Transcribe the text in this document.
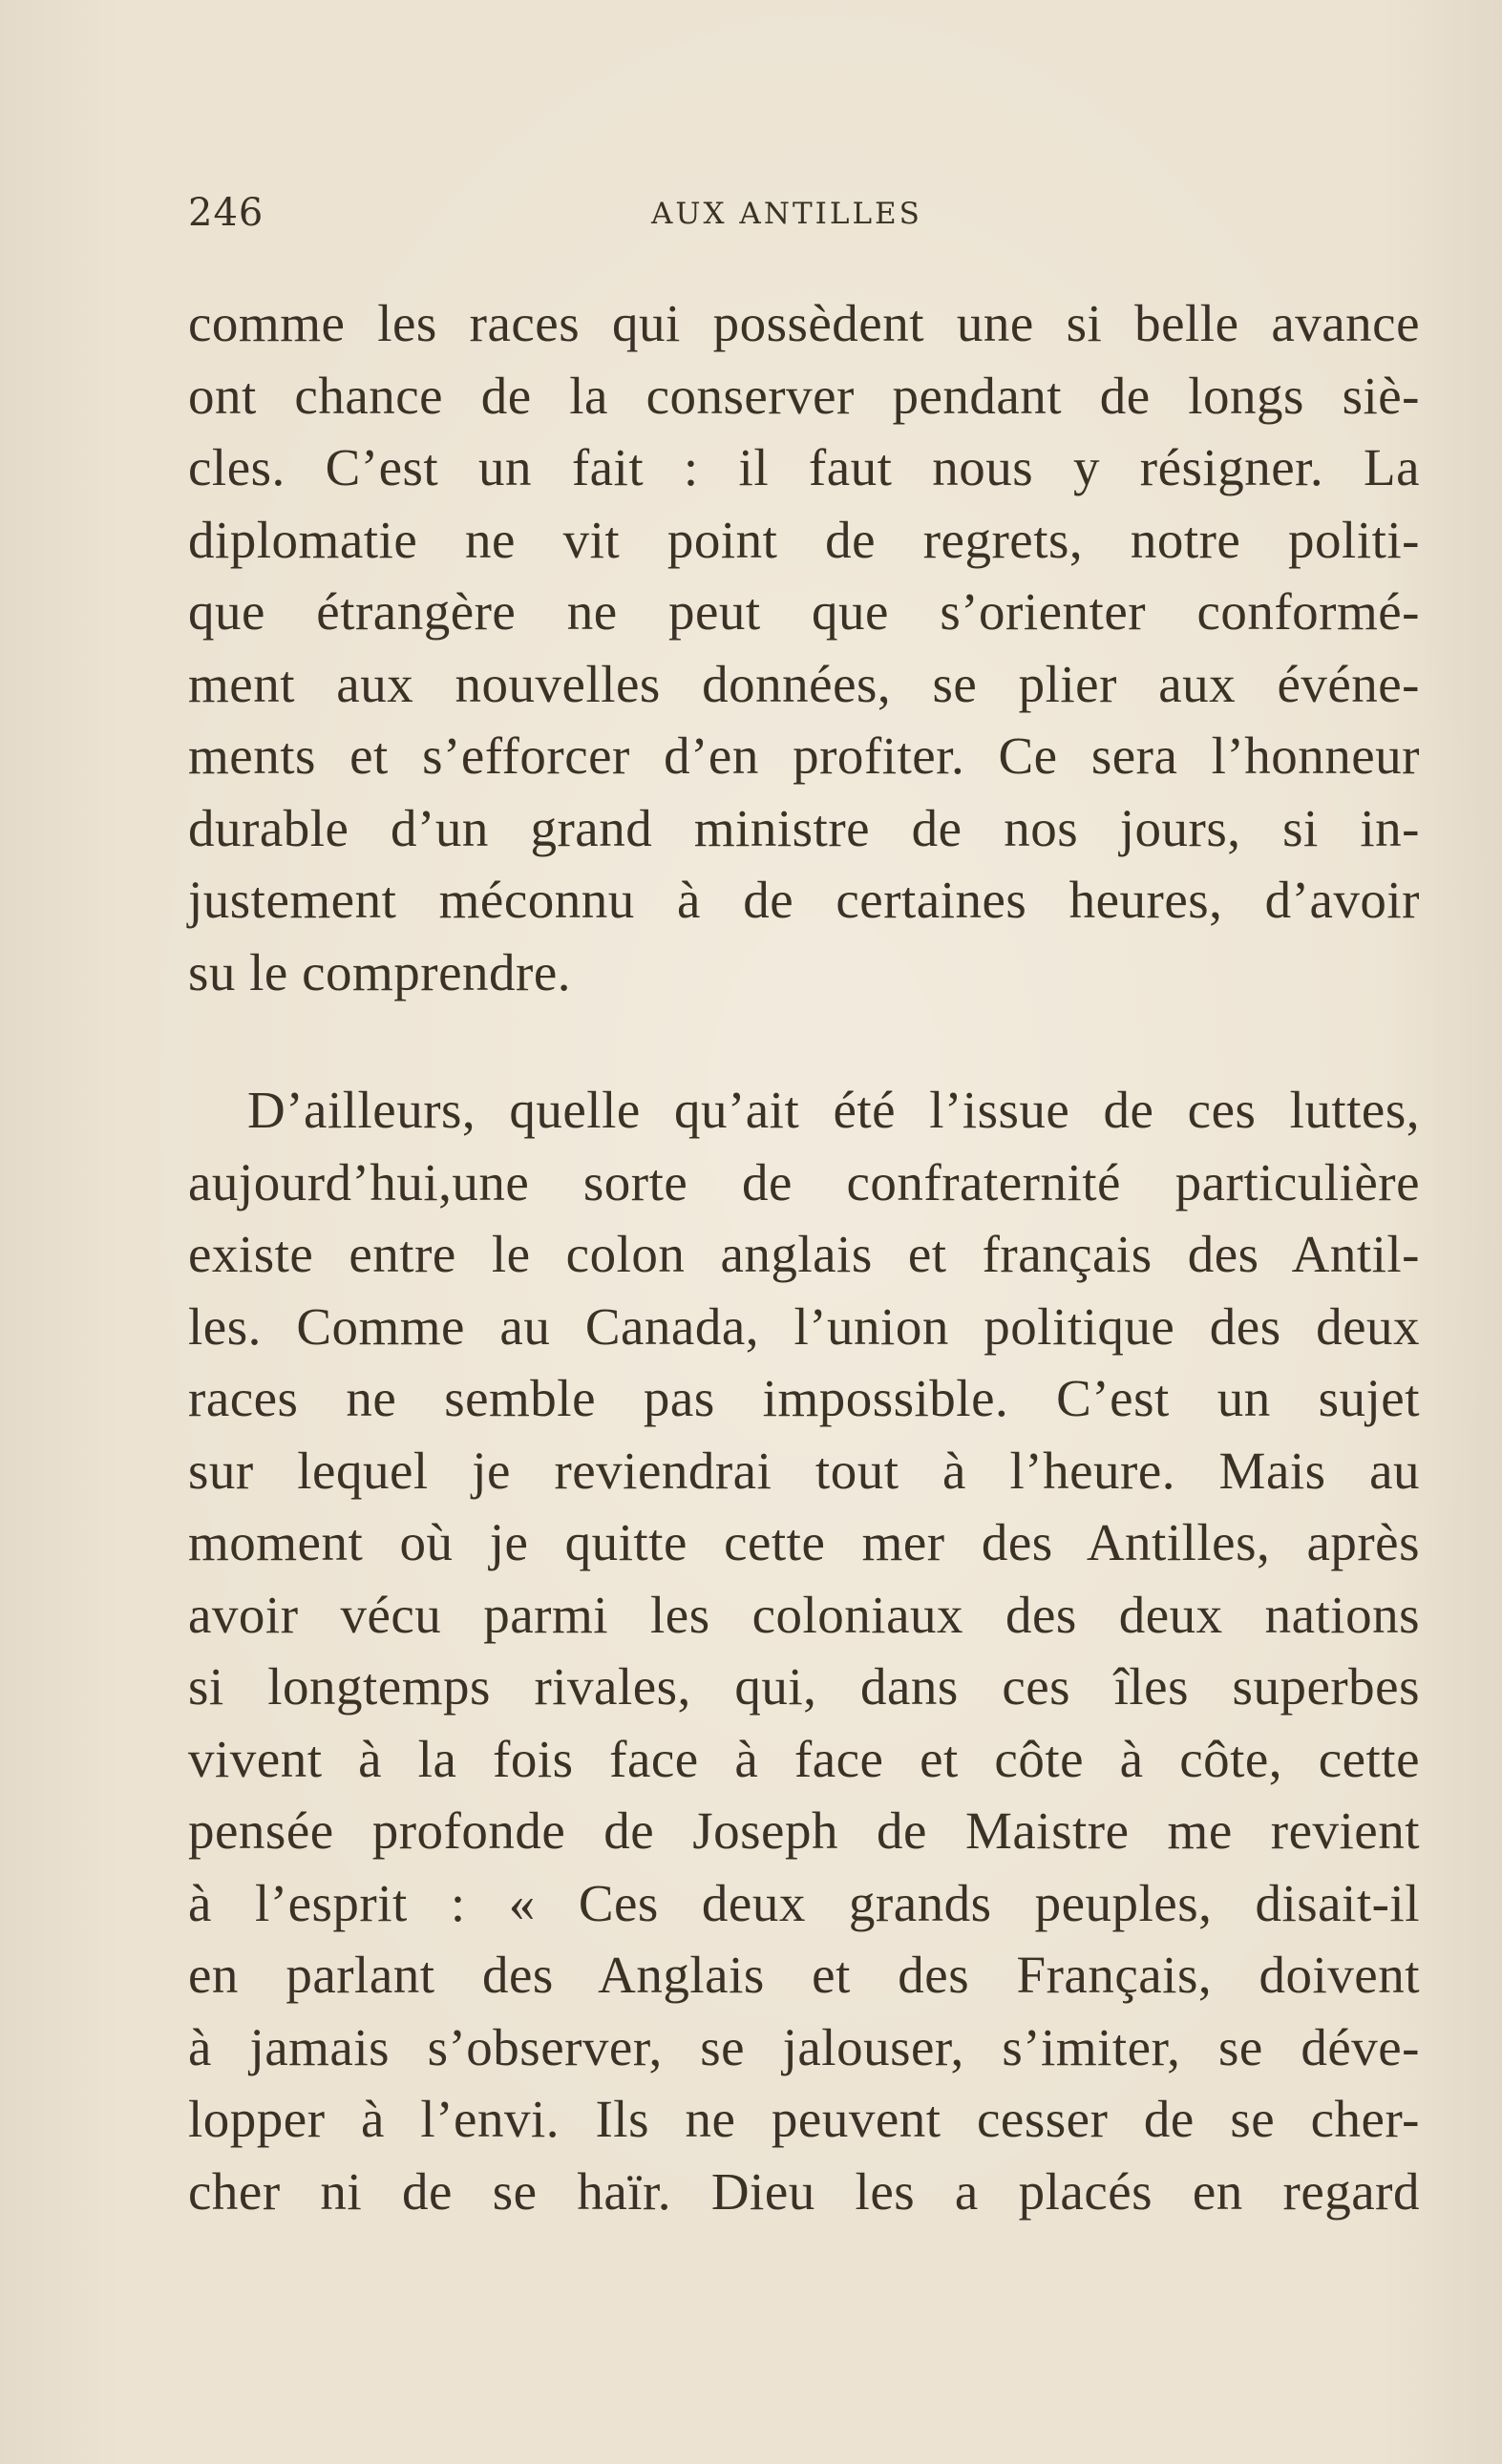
246	AUX ANTILLES
comme les races qui possèdent une si belle avance
ont chance de la conserver pendant de longs siè-
cles. C’est un fait : il faut nous y résigner. La
diplomatie ne vit point de regrets, notre politi-
que étrangère ne peut que s’orienter conformé-
ment aux nouvelles données, se plier aux événe-
ments et s’efforcer d’en profiter. Ce sera l’honneur
durable d’un grand ministre de nos jours, si in-
justement méconnu à de certaines heures, d’avoir
su le comprendre.
D’ailleurs, quelle qu’ait été l’issue de ces luttes,
aujourd’hui,une sorte de confraternité particulière
existe entre le colon anglais et français des Antil-
les. Comme au Canada, l’union politique des deux
races ne semble pas impossible. C’est un sujet
sur lequel je reviendrai tout à l’heure. Mais au
moment où je quitte cette mer des Antilles, après
avoir vécu parmi les coloniaux des deux nations
si longtemps rivales, qui, dans ces îles superbes
vivent à la fois face à face et côte à côte, cette
pensée profonde de Joseph de Maistre me revient
à l’esprit : « Ces deux grands peuples, disait-il
en parlant des Anglais et des Français, doivent
à jamais s’observer, se jalouser, s’imiter, se déve-
lopper à l’envi. Ils ne peuvent cesser de se cher-
cher ni de se haïr. Dieu les a placés en regard
